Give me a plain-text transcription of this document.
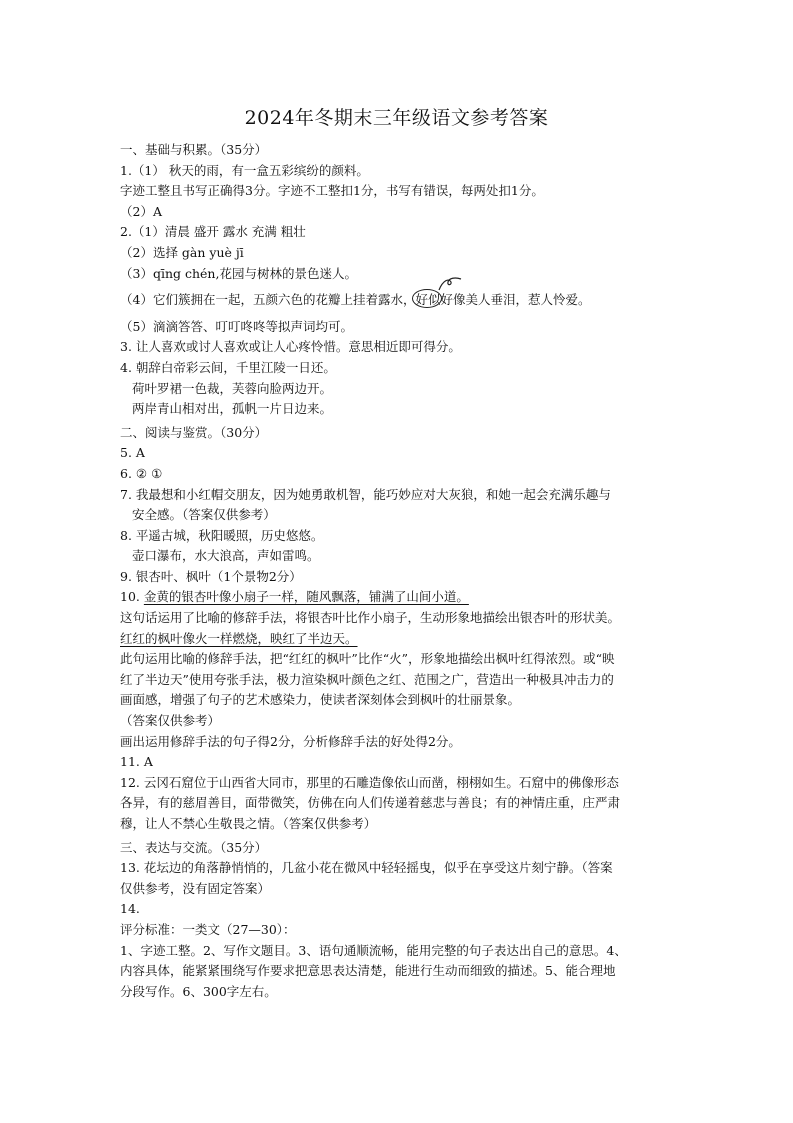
2024年冬期末三年级语文参考答案
一、基础与积累。（35分）
1.（1） 秋天的雨，有一盒五彩缤纷的颜料。
字迹工整且书写正确得3分。字迹不工整扣1分，书写有错误，每两处扣1分。
（2）A
2.（1）清晨 盛开 露水 充满 粗壮
（2）选择 gàn yuè jī
（3）qīng chén,花园与树林的景色迷人。
（4）它们簇拥在一起，五颜六色的花瓣上挂着露水，好似
好像美人垂泪，惹人怜爱。
（5）滴滴答答、叮叮咚咚等拟声词均可。
3. 让人喜欢或讨人喜欢或让人心疼怜惜。意思相近即可得分。
4. 朝辞白帝彩云间，千里江陵一日还。
荷叶罗裙一色裁，芙蓉向脸两边开。
两岸青山相对出，孤帆一片日边来。
二、阅读与鉴赏。（30分）
5. A
6. ② ①
7. 我最想和小红帽交朋友，因为她勇敢机智，能巧妙应对大灰狼，和她一起会充满乐趣与
安全感。（答案仅供参考）
8. 平遥古城，秋阳暖照，历史悠悠。
壶口瀑布，水大浪高，声如雷鸣。
9. 银杏叶、枫叶（1个景物2分）
10. 金黄的银杏叶像小扇子一样，随风飘落，铺满了山间小道。
这句话运用了比喻的修辞手法，将银杏叶比作小扇子，生动形象地描绘出银杏叶的形状美。
红红的枫叶像火一样燃烧，映红了半边天。
此句运用比喻的修辞手法，把“红红的枫叶”比作“火”，形象地描绘出枫叶红得浓烈。或“映
红了半边天”使用夸张手法，极力渲染枫叶颜色之红、范围之广，营造出一种极具冲击力的
画面感，增强了句子的艺术感染力，使读者深刻体会到枫叶的壮丽景象。
（答案仅供参考）
画出运用修辞手法的句子得2分，分析修辞手法的好处得2分。
11. A
12. 云冈石窟位于山西省大同市，那里的石雕造像依山而凿，栩栩如生。石窟中的佛像形态
各异，有的慈眉善目，面带微笑，仿佛在向人们传递着慈悲与善良；有的神情庄重，庄严肃
穆，让人不禁心生敬畏之情。（答案仅供参考）
三、表达与交流。（35分）
13. 花坛边的角落静悄悄的，几盆小花在微风中轻轻摇曳，似乎在享受这片刻宁静。（答案
仅供参考，没有固定答案）
14.
评分标准：一类文（27—30）：
1、字迹工整。2、写作文题目。3、语句通顺流畅，能用完整的句子表达出自己的意思。4、
内容具体，能紧紧围绕写作要求把意思表达清楚，能进行生动而细致的描述。5、能合理地
分段写作。6、300字左右。
